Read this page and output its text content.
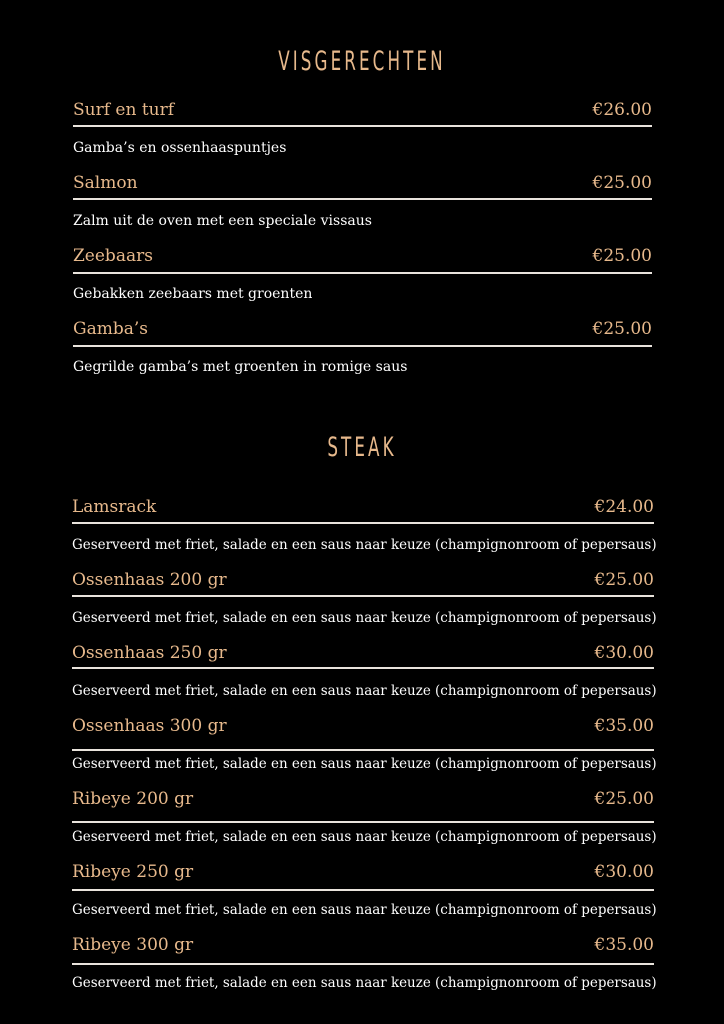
VISGERECHTEN
Surf en turf	€26.00
Gamba’s en ossenhaaspuntjes
Salmon	€25.00
Zalm uit de oven met een speciale vissaus
Zeebaars	€25.00
Gebakken zeebaars met groenten
Gamba’s	€25.00
Gegrilde gamba’s met groenten in romige saus
STEAK
Lamsrack	€24.00
Geserveerd met friet, salade en een saus naar keuze (champignonroom of pepersaus)
Ossenhaas 200 gr	€25.00
Geserveerd met friet, salade en een saus naar keuze (champignonroom of pepersaus)
Ossenhaas 250 gr	€30.00
Geserveerd met friet, salade en een saus naar keuze (champignonroom of pepersaus)
Ossenhaas 300 gr	€35.00
Geserveerd met friet, salade en een saus naar keuze (champignonroom of pepersaus)
Ribeye 200 gr	€25.00
Geserveerd met friet, salade en een saus naar keuze (champignonroom of pepersaus)
Ribeye 250 gr	€30.00
Geserveerd met friet, salade en een saus naar keuze (champignonroom of pepersaus)
Ribeye 300 gr	€35.00
Geserveerd met friet, salade en een saus naar keuze (champignonroom of pepersaus)
